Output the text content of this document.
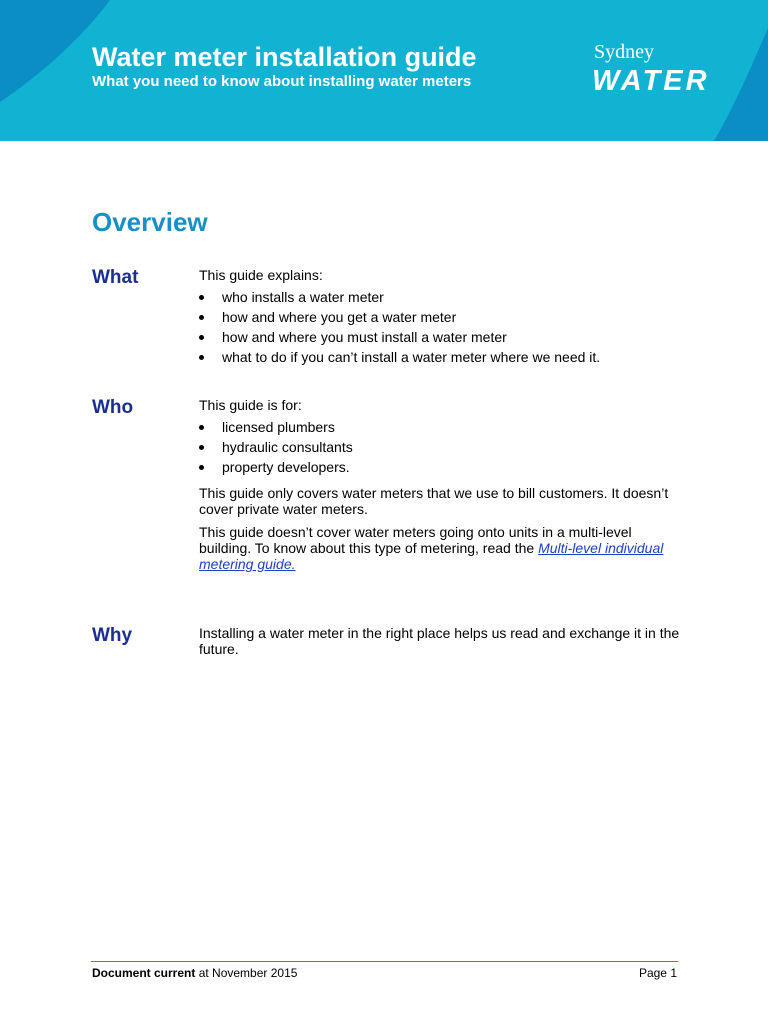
Water meter installation guide
What you need to know about installing water meters
Sydney
WATER
Overview
What	This guide explains:

who installs a water meter
how and where you get a water meter
how and where you must install a water meter
what to do if you can’t install a water meter where we need it.
Who	This guide is for:

licensed plumbers
hydraulic consultants
property developers.

This guide only covers water meters that we use to bill customers. It doesn’t cover private water meters.

This guide doesn’t cover water meters going onto units in a multi-level building. To know about this type of metering, read the Multi-level individual metering guide.

Why	Installing a water meter in the right place helps us read and exchange it in the future.

Document current at November 2015	Page 1
